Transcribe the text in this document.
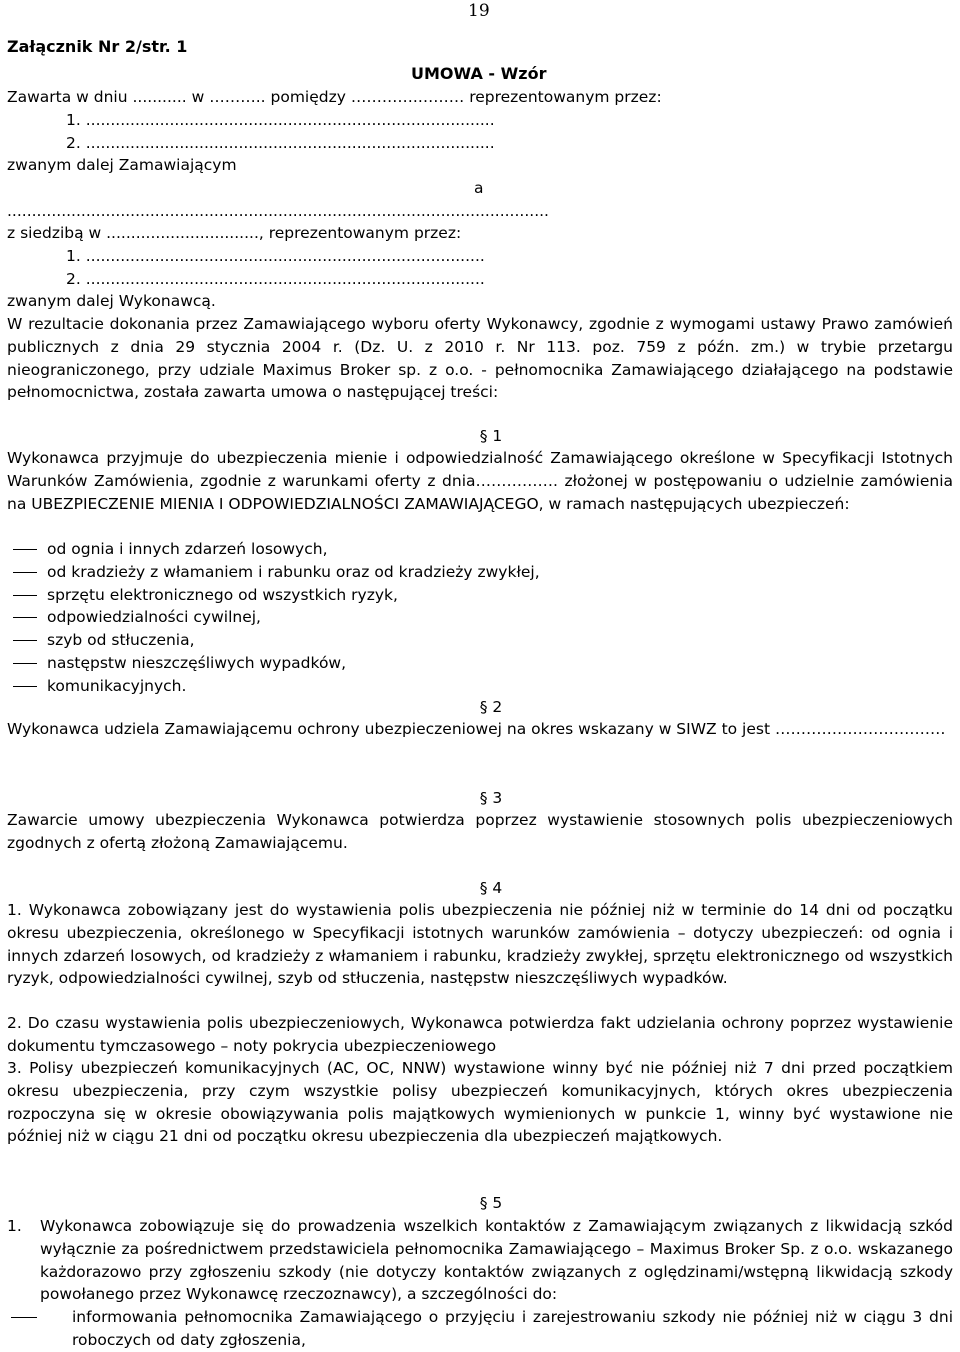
19
Załącznik Nr 2/str. 1
UMOWA - Wzór
Zawarta w dniu ........... w ……….. pomiędzy ………….……… reprezentowanym przez:
1. ...................................................................................
2. ...................................................................................
zwanym dalej Zamawiającym
a
..............................................................................................................
z siedzibą w ..............................., reprezentowanym przez:
1. .................................................................................
2. .................................................................................
zwanym dalej Wykonawcą.
W rezultacie dokonania przez Zamawiającego wyboru oferty Wykonawcy, zgodnie z wymogami ustawy Prawo zamówień publicznych z dnia 29 stycznia 2004 r. (Dz. U. z 2010 r. Nr 113. poz. 759 z późn. zm.) w trybie przetargu nieograniczonego, przy udziale Maximus Broker sp. z o.o. - pełnomocnika Zamawiającego działającego na podstawie pełnomocnictwa, została zawarta umowa o następującej treści:
§ 1
Wykonawca przyjmuje do ubezpieczenia mienie i odpowiedzialność Zamawiającego określone w Specyfikacji Istotnych Warunków Zamówienia, zgodnie z warunkami oferty z dnia……………. złożonej w postępowaniu o udzielnie zamówienia na UBEZPIECZENIE MIENIA I ODPOWIEDZIALNOŚCI ZAMAWIAJĄCEGO, w ramach następujących ubezpieczeń:
od ognia i innych zdarzeń losowych,
od kradzieży z włamaniem i rabunku oraz od kradzieży zwykłej,
sprzętu elektronicznego od wszystkich ryzyk,
odpowiedzialności cywilnej,
szyb od stłuczenia,
następstw nieszczęśliwych wypadków,
komunikacyjnych.
§ 2
Wykonawca udziela Zamawiającemu ochrony ubezpieczeniowej na okres wskazany w SIWZ to jest ……………………………
§ 3
Zawarcie umowy ubezpieczenia Wykonawca potwierdza poprzez wystawienie stosownych polis ubezpieczeniowych zgodnych z ofertą złożoną Zamawiającemu.
§ 4
1. Wykonawca zobowiązany jest do wystawienia polis ubezpieczenia nie później niż w terminie do 14 dni od początku okresu ubezpieczenia, określonego w Specyfikacji istotnych warunków zamówienia – dotyczy ubezpieczeń: od ognia i innych zdarzeń losowych, od kradzieży z włamaniem i rabunku, kradzieży zwykłej, sprzętu elektronicznego od wszystkich ryzyk, odpowiedzialności cywilnej, szyb od stłuczenia, następstw nieszczęśliwych wypadków.
2. Do czasu wystawienia polis ubezpieczeniowych, Wykonawca potwierdza fakt udzielania ochrony poprzez wystawienie dokumentu tymczasowego – noty pokrycia ubezpieczeniowego
3. Polisy ubezpieczeń komunikacyjnych (AC, OC, NNW) wystawione winny być nie później niż 7 dni przed początkiem okresu ubezpieczenia, przy czym wszystkie polisy ubezpieczeń komunikacyjnych, których okres ubezpieczenia rozpoczyna się w okresie obowiązywania polis majątkowych wymienionych w punkcie 1, winny być wystawione nie później niż w ciągu 21 dni od początku okresu ubezpieczenia dla ubezpieczeń majątkowych.
§ 5
1. Wykonawca zobowiązuje się do prowadzenia wszelkich kontaktów z Zamawiającym związanych z likwidacją szkód wyłącznie za pośrednictwem przedstawiciela pełnomocnika Zamawiającego – Maximus Broker Sp. z o.o. wskazanego każdorazowo przy zgłoszeniu szkody (nie dotyczy kontaktów związanych z oględzinami/wstępną likwidacją szkody powołanego przez Wykonawcę rzeczoznawcy), a szczególności do:
informowania pełnomocnika Zamawiającego o przyjęciu i zarejestrowaniu szkody nie później niż w ciągu 3 dni roboczych od daty zgłoszenia,
